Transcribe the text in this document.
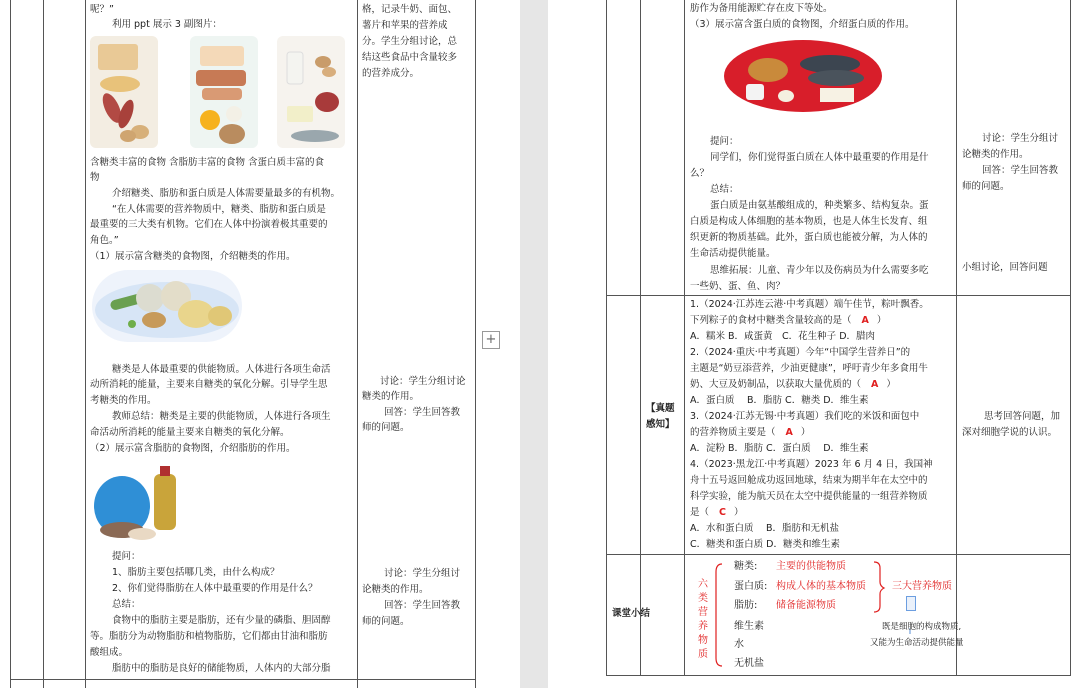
呢？”
利用 ppt 展示 3 副图片：
含糖类丰富的食物 含脂肪丰富的食物 含蛋白质丰富的食
物
介绍糖类、脂肪和蛋白质是人体需要量最多的有机物。
“在人体需要的营养物质中，糖类、脂肪和蛋白质是
最重要的三大类有机物。它们在人体中扮演着极其重要的
角色。”
（1）展示富含糖类的食物图，介绍糖类的作用。
糖类是人体最重要的供能物质。人体进行各项生命活
动所消耗的能量，主要来自糖类的氧化分解。引导学生思
考糖类的作用。
教师总结：糖类是主要的供能物质，人体进行各项生
命活动所消耗的能量主要来自糖类的氧化分解。
（2）展示富含脂肪的食物图，介绍脂肪的作用。
提问：
1、脂肪主要包括哪几类，由什么构成？
2、你们觉得脂肪在人体中最重要的作用是什么？
总结：
食物中的脂肪主要是脂肪，还有少量的磷脂、胆固醇
等。脂肪分为动物脂肪和植物脂肪，它们都由甘油和脂肪
酸组成。
脂肪中的脂肪是良好的储能物质，人体内的大部分脂
格，记录牛奶、面包、
薯片和苹果的营养成
分。学生分组讨论，总
结这些食品中含量较多
的营养成分。
讨论：学生分组讨论
糖类的作用。
回答：学生回答教
师的问题。
讨论：学生分组讨
论糖类的作用。
回答：学生回答教
师的问题。
+
肪作为备用能源贮存在皮下等处。
（3）展示富含蛋白质的食物图，介绍蛋白质的作用。
提问：
同学们，你们觉得蛋白质在人体中最重要的作用是什
么？
总结：
蛋白质是由氨基酸组成的，种类繁多、结构复杂。蛋
白质是构成人体细胞的基本物质，也是人体生长发育、组
织更新的物质基础。此外，蛋白质也能被分解，为人体的
生命活动提供能量。
思维拓展：儿童、青少年以及伤病员为什么需要多吃
一些奶、蛋、鱼、肉？
讨论：学生分组讨
论糖类的作用。
回答：学生回答教
师的问题。
小组讨论，回答问题
【真题
感知】
1.（2024·江苏连云港·中考真题）端午佳节，粽叶飘香。
下列粽子的食材中糖类含量较高的是（ A ）
A．糯米 B．咸蛋黄　C．花生种子 D．腊肉
2.（2024·重庆·中考真题）今年“中国学生营养日”的
主题是“奶豆添营养，少油更健康”，呼吁青少年多食用牛
奶、大豆及奶制品，以获取大量优质的（ A ）
A．蛋白质　 B．脂肪 C．糖类 D．维生素
3.（2024·江苏无锡·中考真题）我们吃的米饭和面包中
的营养物质主要是（ A ）
A．淀粉 B．脂肪 C．蛋白质　 D．维生素
4.（2023·黑龙江·中考真题）2023 年 6 月 4 日，我国神
舟十五号返回舱成功返回地球，结束为期半年在太空中的
科学实验，能为航天员在太空中提供能量的一组营养物质
是（ C ）
A．水和蛋白质　 B．脂肪和无机盐
C．糖类和蛋白质 D．糖类和维生素
思考回答问题，加
深对细胞学说的认识。
课堂小结
六
类
营
养
物
质
糖类: 主要的供能物质
蛋白质: 构成人体的基本物质
脂肪: 储备能源物质
三大营养物质
维生素
水
无机盐
既是细胞的构成物质,
又能为生命活动提供能量
